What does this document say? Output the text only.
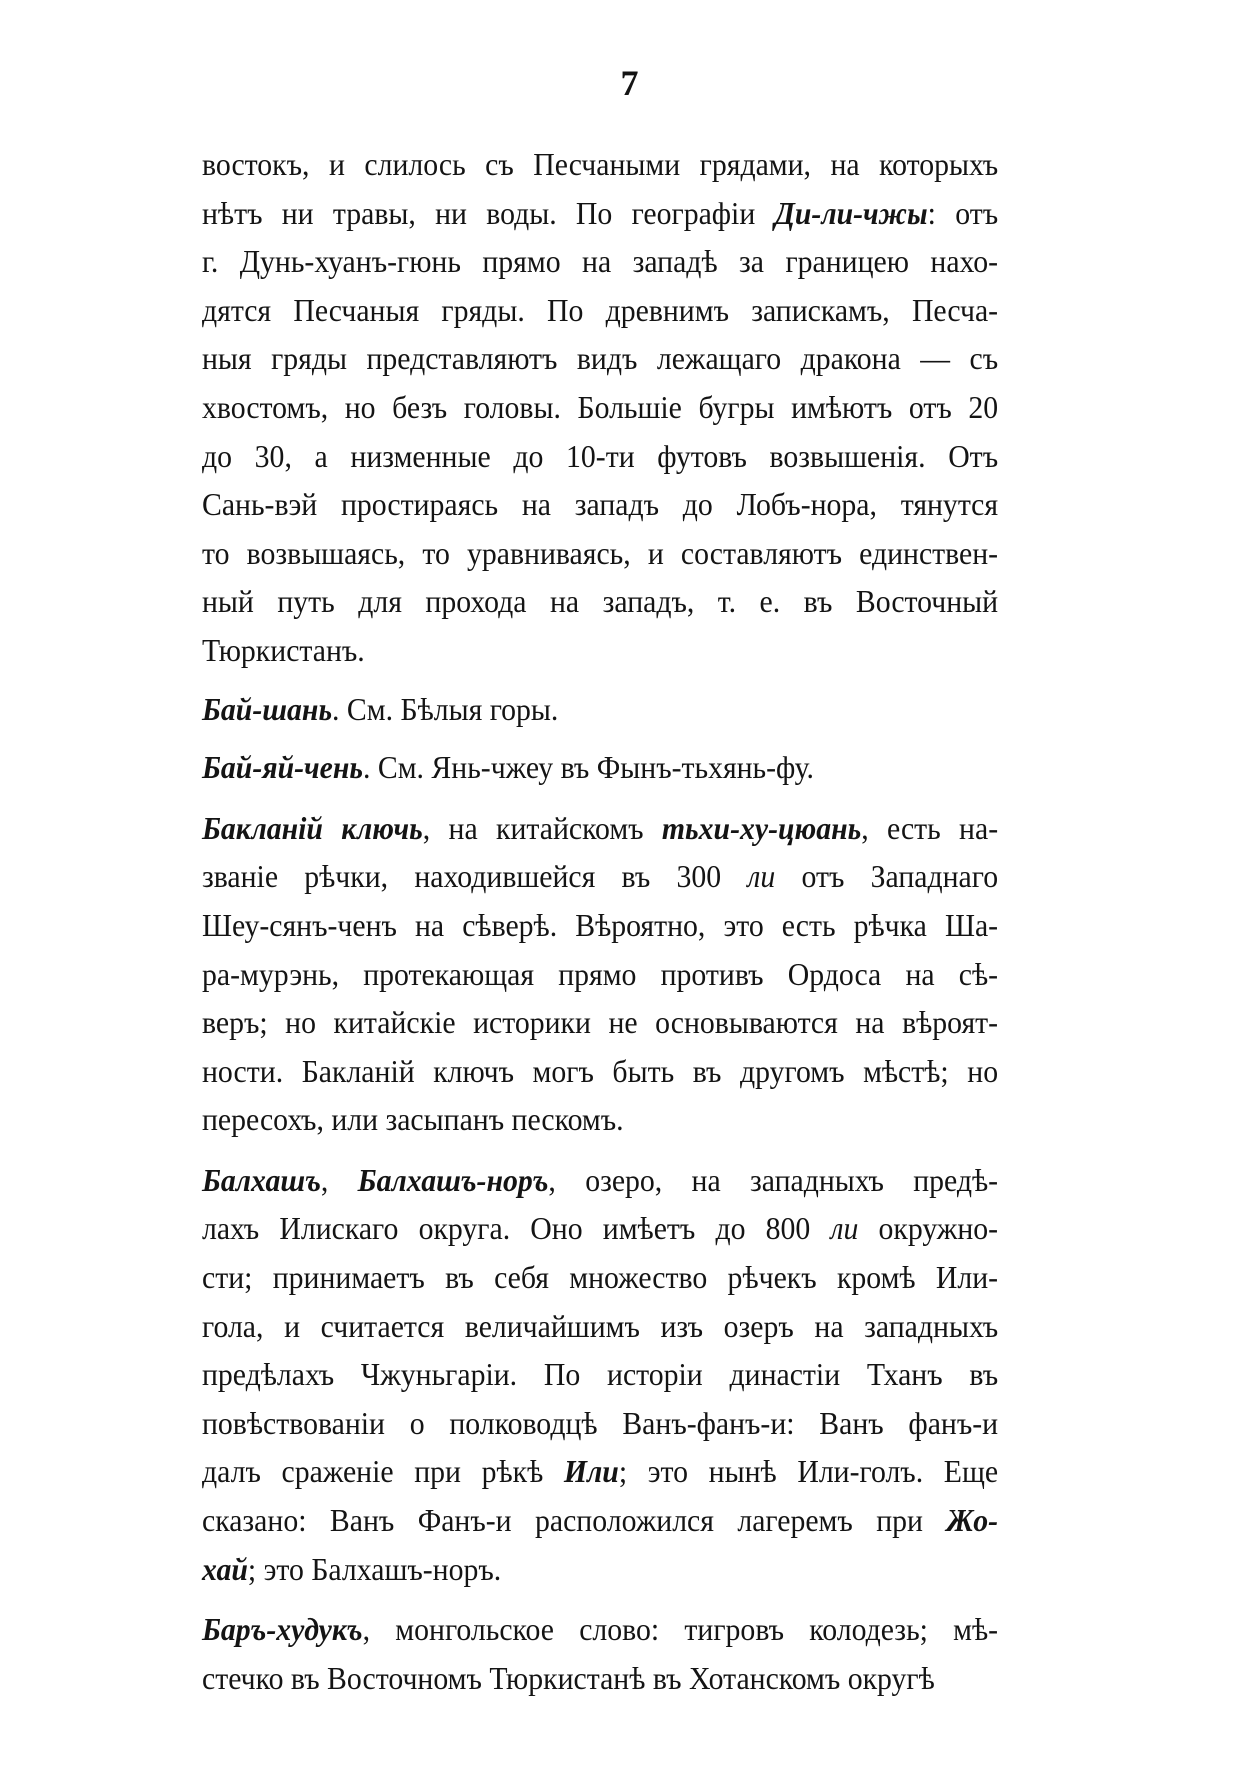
7
востокъ, и слилось съ Песчаными грядами, на которыхъ
нѣтъ ни травы, ни воды. По географіи Ди-ли-чжы: отъ
г. Дунь-хуанъ-гюнь прямо на западѣ за границею нахо-
дятся Песчаныя гряды. По древнимъ запискамъ, Песча-
ныя гряды представляютъ видъ лежащаго дракона — съ
хвостомъ, но безъ головы. Большіе бугры имѣютъ отъ 20
до 30, а низменные до 10-ти футовъ возвышенія. Отъ
Сань-вэй простираясь на западъ до Лобъ-нора, тянутся
то возвышаясь, то уравниваясь, и составляютъ единствен-
ный путь для прохода на западъ, т. е. въ Восточный
Тюркистанъ.
Бай-шань. См. Бѣлыя горы.
Бай-яй-чень. См. Янь-чжеу въ Фынъ-тьхянь-фу.
Бакланій ключь, на китайскомъ тьхи-ху-цюань, есть на-
званіе рѣчки, находившейся въ 300 ли отъ Западнаго
Шеу-сянъ-ченъ на сѣверѣ. Вѣроятно, это есть рѣчка Ша-
ра-мурэнь, протекающая прямо противъ Ордоса на сѣ-
веръ; но китайскіе историки не основываются на вѣроят-
ности. Бакланій ключъ могъ быть въ другомъ мѣстѣ; но
пересохъ, или засыпанъ пескомъ.
Балхашъ, Балхашъ-норъ, озеро, на западныхъ предѣ-
лахъ Илискаго округа. Оно имѣетъ до 800 ли окружно-
сти; принимаетъ въ себя множество рѣчекъ кромѣ Или-
гола, и считается величайшимъ изъ озеръ на западныхъ
предѣлахъ Чжуньгаріи. По исторіи династіи Тханъ въ
повѣствованіи о полководцѣ Ванъ-фанъ-и: Ванъ фанъ-и
далъ сраженіе при рѣкѣ Или; это нынѣ Или-голъ. Еще
сказано: Ванъ Фанъ-и расположился лагеремъ при Жо-
хай; это Балхашъ-норъ.
Баръ-худукъ, монгольское слово: тигровъ колодезь; мѣ-
стечко въ Восточномъ Тюркистанѣ въ Хотанскомъ округѣ
